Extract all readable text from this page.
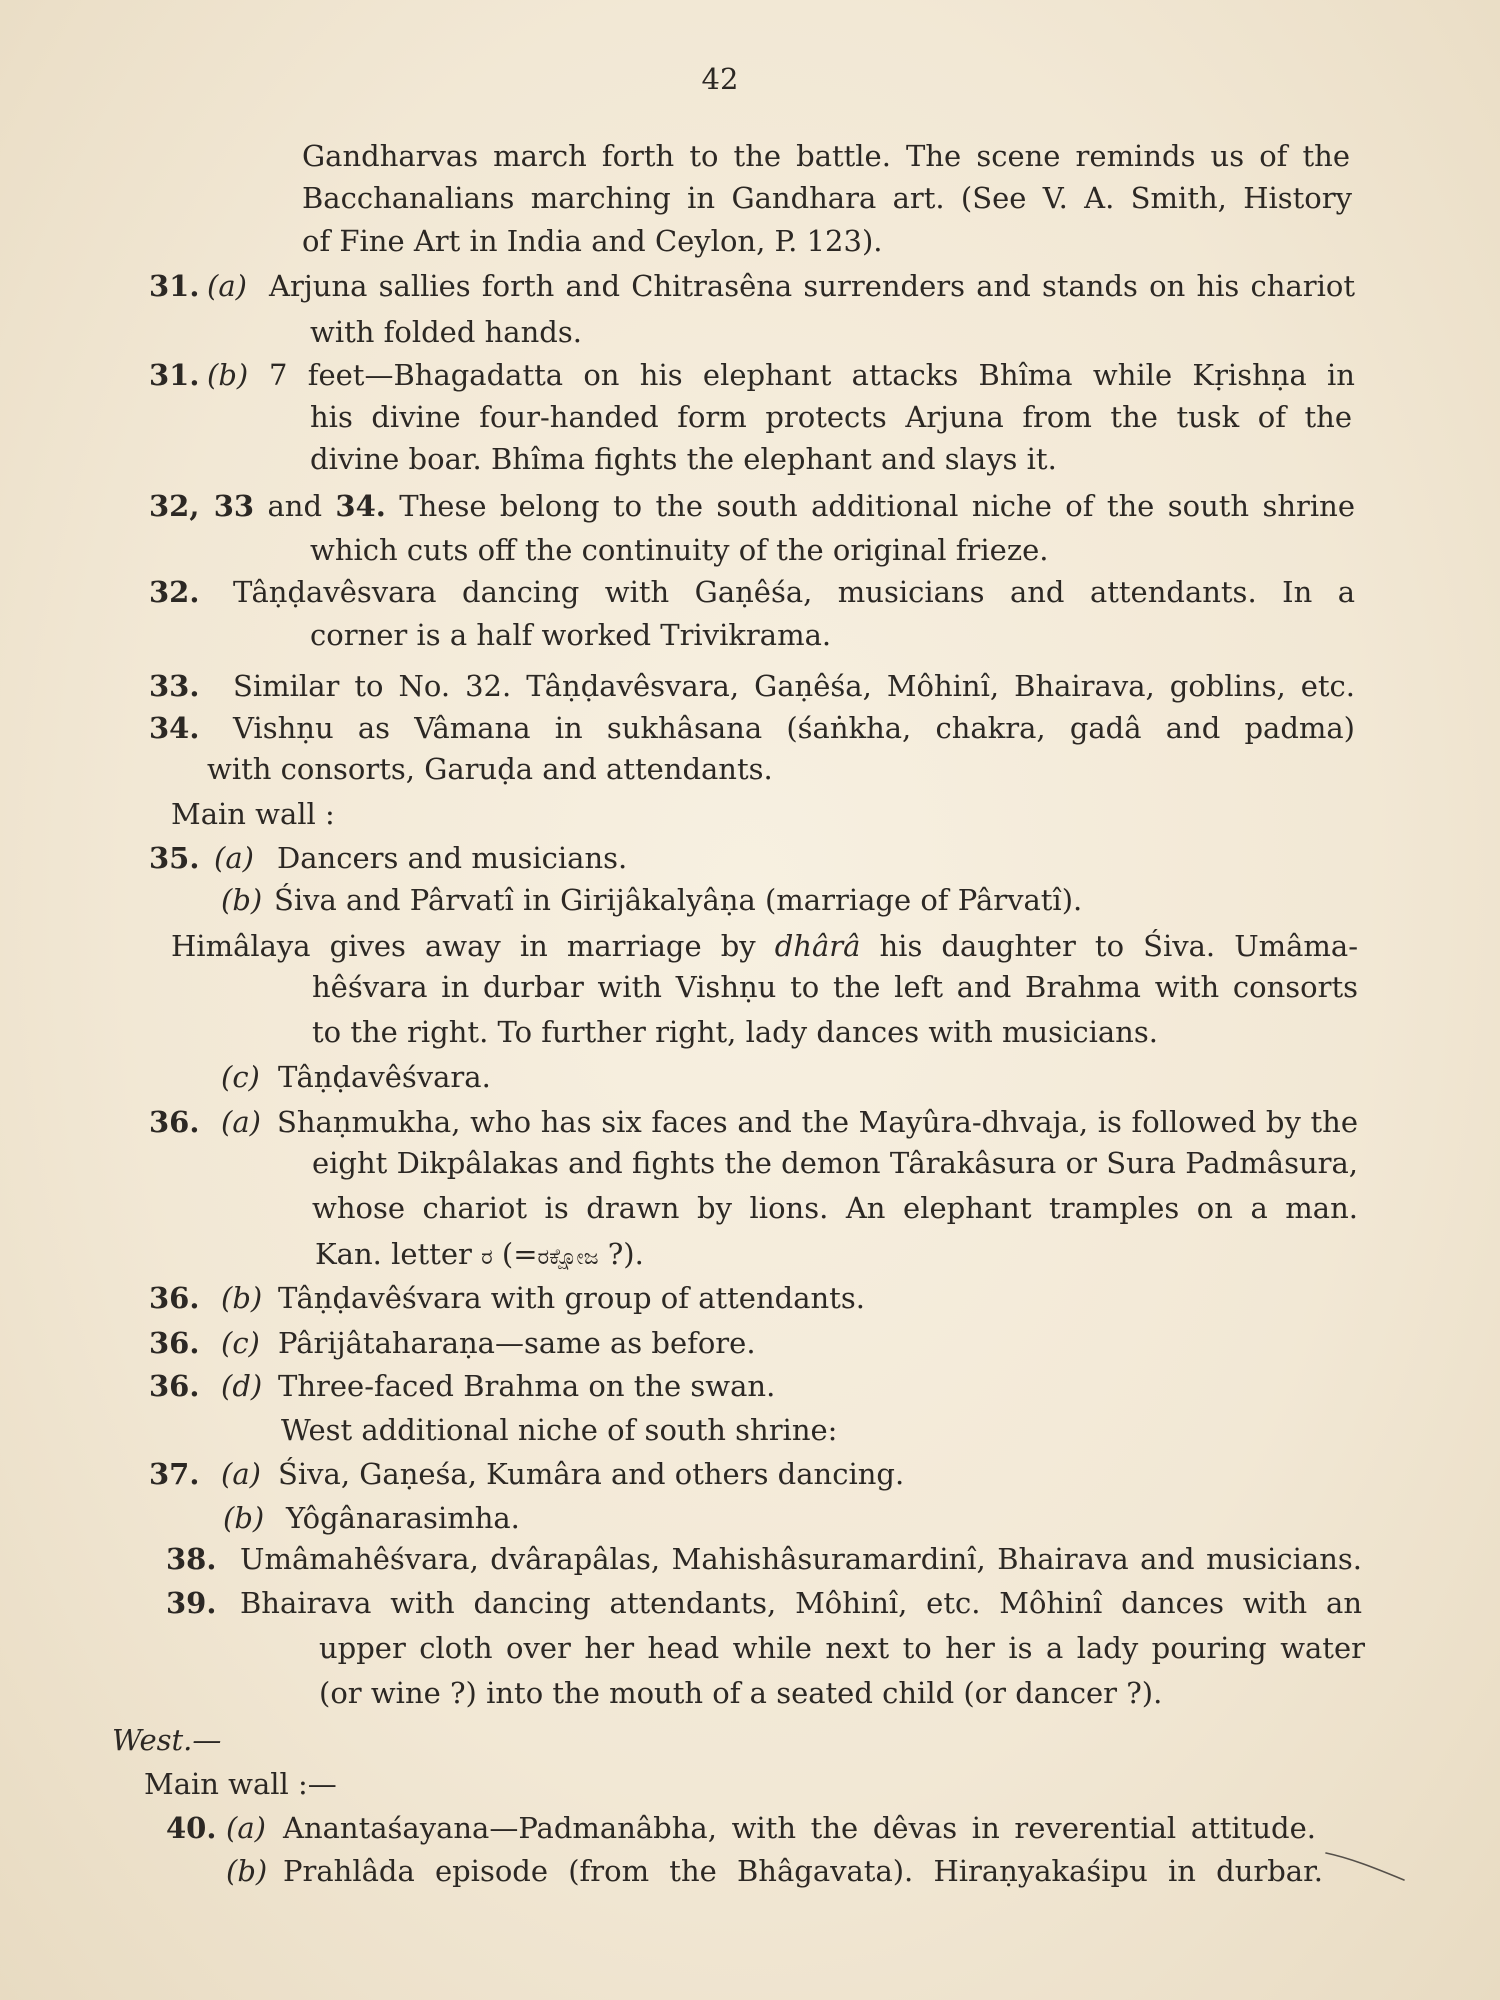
42
Gandharvas march forth to the battle. The scene reminds us of the
Bacchanalians marching in Gandhara art. (See V. A. Smith, History
of Fine Art in India and Ceylon, P. 123).
31. (a) Arjuna sallies forth and Chitrasêna surrenders and stands on his chariot
with folded hands.
31. (b) 7 feet—Bhagadatta on his elephant attacks Bhîma while Kṛishṇa in
his divine four-handed form protects Arjuna from the tusk of the
divine boar. Bhîma fights the elephant and slays it.
32, 33 and 34. These belong to the south additional niche of the south shrine
which cuts off the continuity of the original frieze.
32. Tâṇḍavêsvara dancing with Gaṇêśa, musicians and attendants. In a
corner is a half worked Trivikrama.
33. Similar to No. 32. Tâṇḍavêsvara, Gaṇêśa, Môhinî, Bhairava, goblins, etc.
34. Vishṇu as Vâmana in sukhâsana (śaṅkha, chakra, gadâ and padma)
with consorts, Garuḍa and attendants.
Main wall :
35. (a) Dancers and musicians.
(b) Śiva and Pârvatî in Girijâkalyâṇa (marriage of Pârvatî).
Himâlaya gives away in marriage by dhârâ his daughter to Śiva. Umâma-
hêśvara in durbar with Vishṇu to the left and Brahma with consorts
to the right. To further right, lady dances with musicians.
(c) Tâṇḍavêśvara.
36. (a) Shaṇmukha, who has six faces and the Mayûra-dhvaja, is followed by the
eight Dikpâlakas and fights the demon Târakâsura or Sura Padmâsura,
whose chariot is drawn by lions. An elephant tramples on a man.
Kan. letter ರ (=ರಕ್ಷೋಜ ?).
36. (b) Tâṇḍavêśvara with group of attendants.
36. (c) Pârijâtaharaṇa—same as before.
36. (d) Three-faced Brahma on the swan.
West additional niche of south shrine:
37. (a) Śiva, Gaṇeśa, Kumâra and others dancing.
(b) Yôgânarasimha.
38. Umâmahêśvara, dvârapâlas, Mahishâsuramardinî, Bhairava and musicians.
39. Bhairava with dancing attendants, Môhinî, etc. Môhinî dances with an
upper cloth over her head while next to her is a lady pouring water
(or wine ?) into the mouth of a seated child (or dancer ?).
West.—
Main wall :—
40. (a) Anantaśayana—Padmanâbha, with the dêvas in reverential attitude.
(b) Prahlâda episode (from the Bhâgavata). Hiraṇyakaśipu in durbar.
